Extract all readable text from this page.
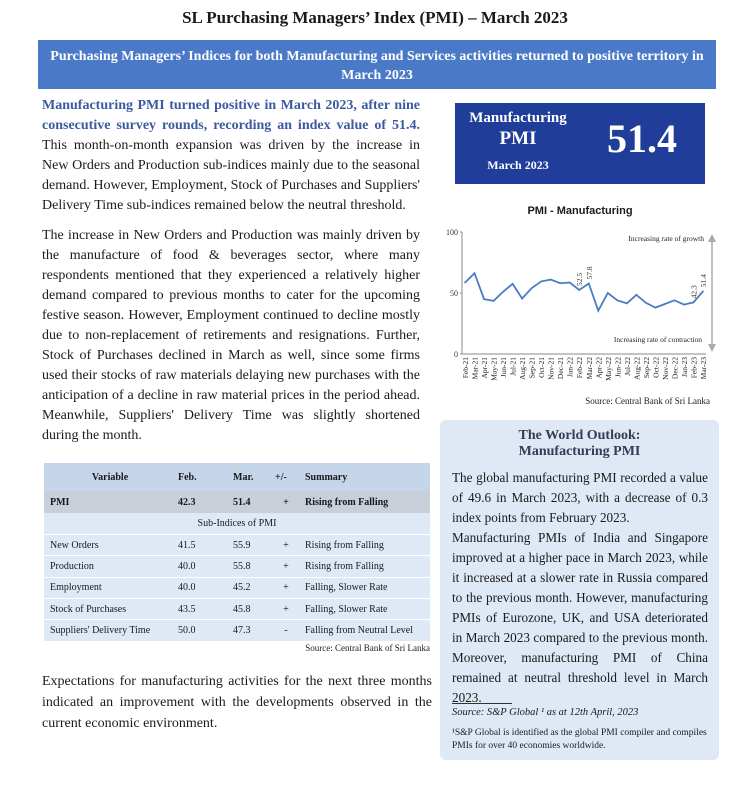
SL Purchasing Managers’ Index (PMI) – March 2023
Purchasing Managers’ Indices for both Manufacturing and Services activities returned to positive territory in March 2023

Manufacturing PMI turned positive in March 2023, after nine consecutive survey rounds, recording an index value of 51.4. This month-on-month expansion was driven by the increase in New Orders and Production sub-indices mainly due to the seasonal demand. However, Employment, Stock of Purchases and Suppliers' Delivery Time sub-indices remained below the neutral threshold.

The increase in New Orders and Production was mainly driven by the manufacture of food & beverages sector, where many respondents mentioned that they experienced a relatively higher demand compared to previous months to cater for the upcoming festive season. However, Employment continued to decline mostly due to non-replacement of retirements and resignations. Further, Stock of Purchases declined in March as well, since some firms used their stocks of raw materials delaying new purchases with the anticipation of a decline in raw material prices in the period ahead. Meanwhile, Suppliers' Delivery Time was slightly shortened during the month.

Manufacturing
PMI
March 2023
51.4
PMI - Manufacturing
0
50
100
Increasing rate of growth
Increasing rate of contraction
52.5 57.8
42.3
51.4
Feb-21 Mar-21 Apr-21 May-21 Jun-21 Jul-21 Aug-21 Sep-21 Oct-21 Nov-21 Dec-21 Jan-22 Feb-22 Mar-22 Apr-22 May-22 Jun-22 Jul-22 Aug-22 Sep-22 Oct-22 Nov-22 Dec-22 Jan-23 Feb-23 Mar-23
Source: Central Bank of Sri Lanka
Variable	Feb.	Mar.	+/-	Summary
PMI	42.3	51.4	+	Rising from Falling
Sub-Indices of PMI				
New Orders	41.5	55.9	+	Rising from Falling
Production	40.0	55.8	+	Rising from Falling
Employment	40.0	45.2	+	Falling, Slower Rate
Stock of Purchases	43.5	45.8	+	Falling, Slower Rate
Suppliers' Delivery Time	50.0	47.3	-	Falling from Neutral Level
Source: Central Bank of Sri Lanka
Expectations for manufacturing activities for the next three months indicated an improvement with the developments observed in the current economic environment.
The World Outlook:
Manufacturing PMI

The global manufacturing PMI recorded a value of 49.6 in March 2023, with a decrease of 0.3 index points from February 2023.

Manufacturing PMIs of India and Singapore improved at a higher pace in March 2023, while it increased at a slower rate in Russia compared to the previous month. However, manufacturing PMIs of Eurozone, UK, and USA deteriorated in March 2023 compared to the previous month. Moreover, manufacturing PMI of China remained at neutral threshold level in March 2023.

Source: S&P Global ¹ as at 12th April, 2023
¹S&P Global is identified as the global PMI compiler and compiles PMIs for over 40 economies worldwide.
